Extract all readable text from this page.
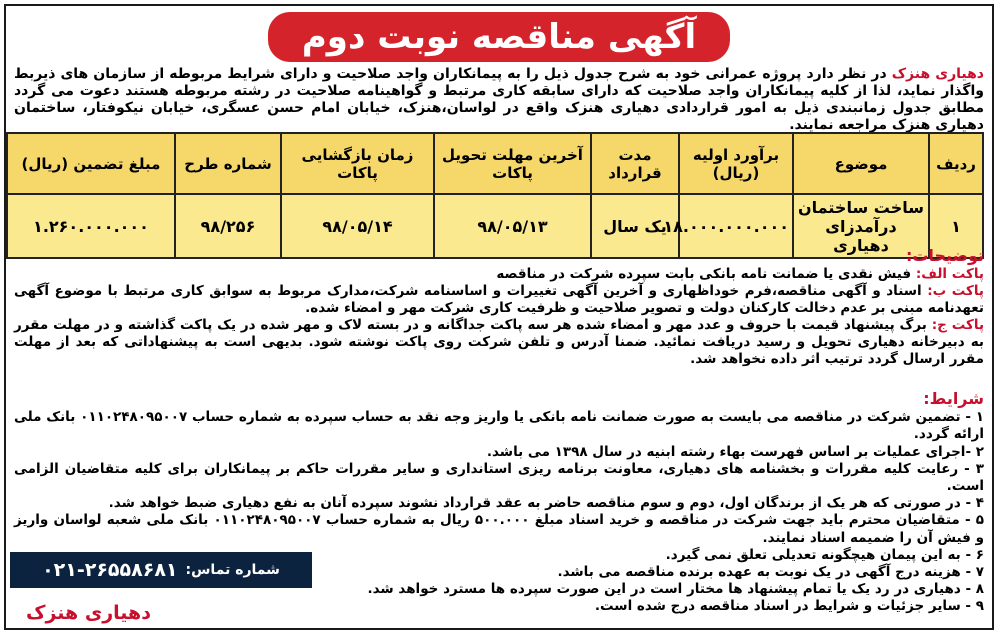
آگهی مناقصه نوبت دوم
دهیاری هنزک در نظر دارد پروژه عمرانی خود به شرح جدول ذیل را به پیمانکاران واجد صلاحیت و دارای شرایط مربوطه از سازمان های ذیربط واگذار نماید، لذا از کلیه پیمانکاران واجد صلاحیت که دارای سابقه کاری مرتبط و گواهینامه صلاحیت در رشته مربوطه هستند دعوت می گردد مطابق جدول زمانبندی ذیل به امور قراردادی دهیاری هنزک واقع در لواسان،هنزک، خیابان امام حسن عسگری، خیابان نیکوفتار، ساختمان دهیاری هنزک مراجعه نمایند.
ردیف	موضوع	برآورد اولیه (ریال)	مدت قرارداد	آخرین مهلت تحویل پاکات	زمان بازگشایی پاکات	شماره طرح	مبلغ تضمین (ریال)
۱	ساخت ساختمان درآمدزای دهیاری	۱۸.۰۰۰.۰۰۰.۰۰۰	یک سال	۹۸/۰۵/۱۳	۹۸/۰۵/۱۴	۹۸/۲۵۶	۱.۲۶۰.۰۰۰.۰۰۰

توضیحات:

پاکت الف: فیش نقدی یا ضمانت نامه بانکی بابت سپرده شرکت در مناقصه

پاکت ب: اسناد و آگهی مناقصه،فرم خوداظهاری و آخرین آگهی تغییرات و اساسنامه شرکت،مدارک مربوط به سوابق کاری مرتبط با موضوع آگهی تعهدنامه مبنی بر عدم دخالت کارکنان دولت و تصویر صلاحیت و ظرفیت کاری شرکت مهر و امضاء شده.

پاکت ج: برگ پیشنهاد قیمت با حروف و عدد مهر و امضاء شده هر سه پاکت جداگانه و در بسته لاک و مهر شده در یک پاکت گذاشته و در مهلت مقرر به دبیرخانه دهیاری تحویل و رسید دریافت نمائید. ضمنا آدرس و تلفن شرکت روی پاکت نوشته شود. بدیهی است به پیشنهاداتی که بعد از مهلت مقرر ارسال گردد ترتیب اثر داده نخواهد شد.

شرایط:

۱ - تضمین شرکت در مناقصه می بایست به صورت ضمانت نامه بانکی یا واریز وجه نقد به حساب سپرده به شماره حساب ۰۱۱۰۲۴۸۰۹۵۰۰۷ بانک ملی ارائه گردد.

۲ -اجرای عملیات بر اساس فهرست بهاء رشته ابنیه در سال ۱۳۹۸ می باشد.

۳ - رعایت کلیه مقررات و بخشنامه های دهیاری، معاونت برنامه ریزی استانداری و سایر مقررات حاکم بر پیمانکاران برای کلیه متقاضیان الزامی است.

۴ - در صورتی که هر یک از برندگان اول، دوم و سوم مناقصه حاضر به عقد قرارداد نشوند سپرده آنان به نفع دهیاری ضبط خواهد شد.

۵ - متقاضیان محترم باید جهت شرکت در مناقصه و خرید اسناد مبلغ ۵۰۰.۰۰۰ ریال به شماره حساب ۰۱۱۰۲۴۸۰۹۵۰۰۷ بانک ملی شعبه لواسان واریز و فیش آن را ضمیمه اسناد نمایند.

۶ - به این پیمان هیچگونه تعدیلی تعلق نمی گیرد.

۷ - هزینه درج آگهی در یک نوبت به عهده برنده مناقصه می باشد.

۸ - دهیاری در رد یک یا تمام پیشنهاد ها مختار است در این صورت سپرده ها مسترد خواهد شد.

۹ - سایر جزئیات و شرایط در اسناد مناقصه درج شده است.

شماره تماس:
۰۲۱-۲۶۵۵۸۶۸۱
دهیاری هنزک
